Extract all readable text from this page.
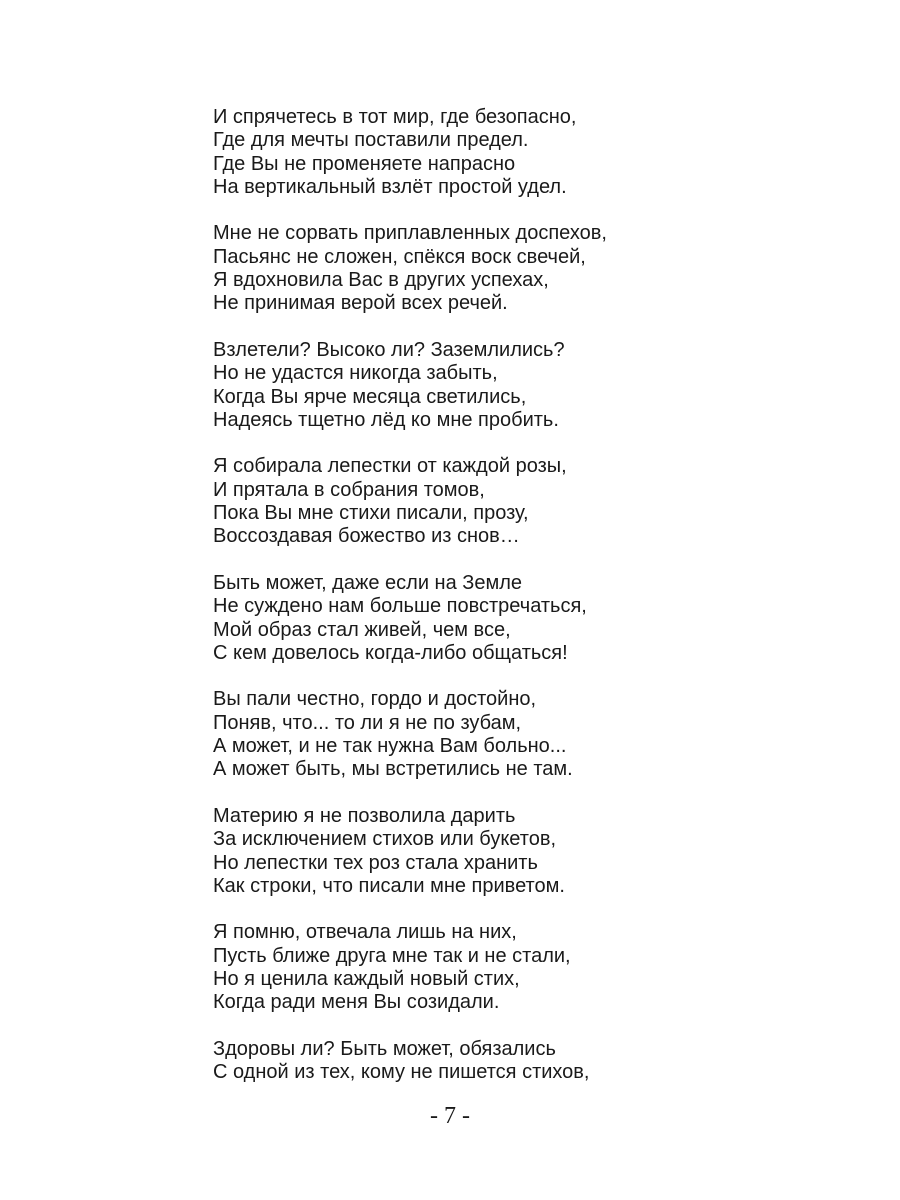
И спрячетесь в тот мир, где безопасно,
Где для мечты поставили предел.
Где Вы не променяете напрасно
На вертикальный взлёт простой удел.
Мне не сорвать приплавленных доспехов,
Пасьянс не сложен, спёкся воск свечей,
Я вдохновила Вас в других успехах,
Не принимая верой всех речей.
Взлетели? Высоко ли? Заземлились?
Но не удастся никогда забыть,
Когда Вы ярче месяца светились,
Надеясь тщетно лёд ко мне пробить.
Я собирала лепестки от каждой розы,
И прятала в собрания томов,
Пока Вы мне стихи писали, прозу,
Воссоздавая божество из снов…
Быть может, даже если на Земле
Не суждено нам больше повстречаться,
Мой образ стал живей, чем все,
С кем довелось когда-либо общаться!
Вы пали честно, гордо и достойно,
Поняв, что... то ли я не по зубам,
А может, и не так нужна Вам больно...
А может быть, мы встретились не там.
Материю я не позволила дарить
За исключением стихов или букетов,
Но лепестки тех роз стала хранить
Как строки, что писали мне приветом.
Я помню, отвечала лишь на них,
Пусть ближе друга мне так и не стали,
Но я ценила каждый новый стих,
Когда ради меня Вы созидали.
Здоровы ли? Быть может, обязались
С одной из тех, кому не пишется стихов,
- 7 -
